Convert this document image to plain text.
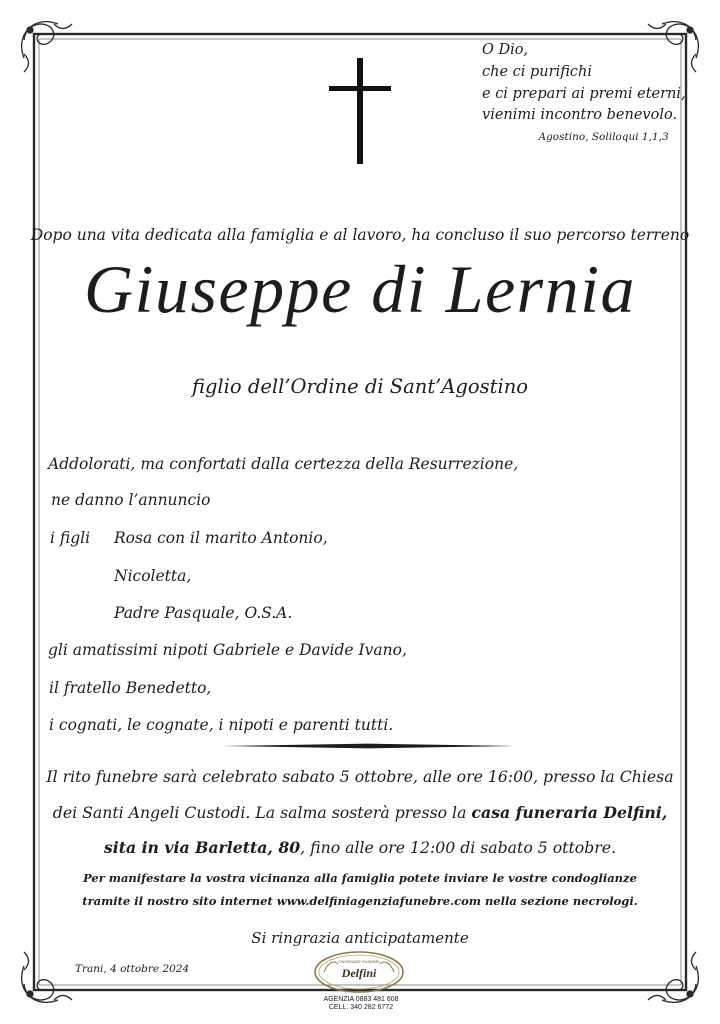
O Dio,
che ci purifichi
e ci prepari ai premi eterni,
vienimi incontro benevolo.
Agostino, Soliloqui 1,1,3
Dopo una vita dedicata alla famiglia e al lavoro, ha concluso il suo percorso terreno
Giuseppe di Lernia
figlio dell’Ordine di Sant’Agostino
Addolorati, ma confortati dalla certezza della Resurrezione,
ne danno l’annuncio
i figli Rosa con il marito Antonio,
Nicoletta,
Padre Pasquale, O.S.A.
gli amatissimi nipoti Gabriele e Davide Ivano,
il fratello Benedetto,
i cognati, le cognate, i nipoti e parenti tutti.
Il rito funebre sarà celebrato sabato 5 ottobre, alle ore 16:00, presso la Chiesa
dei Santi Angeli Custodi. La salma sosterà presso la casa funeraria Delfini,
sita in via Barletta, 80, fino alle ore 12:00 di sabato 5 ottobre.
Per manifestare la vostra vicinanza alla famiglia potete inviare le vostre condoglianze
tramite il nostro sito internet www.delfiniagenziafunebre.com nella sezione necrologi.
Si ringrazia anticipatamente
Trani, 4 ottobre 2024
ONORANZE FUNEBRI
Delfini
AGENZIA 0883 481 608
CELL. 340 282 6772
